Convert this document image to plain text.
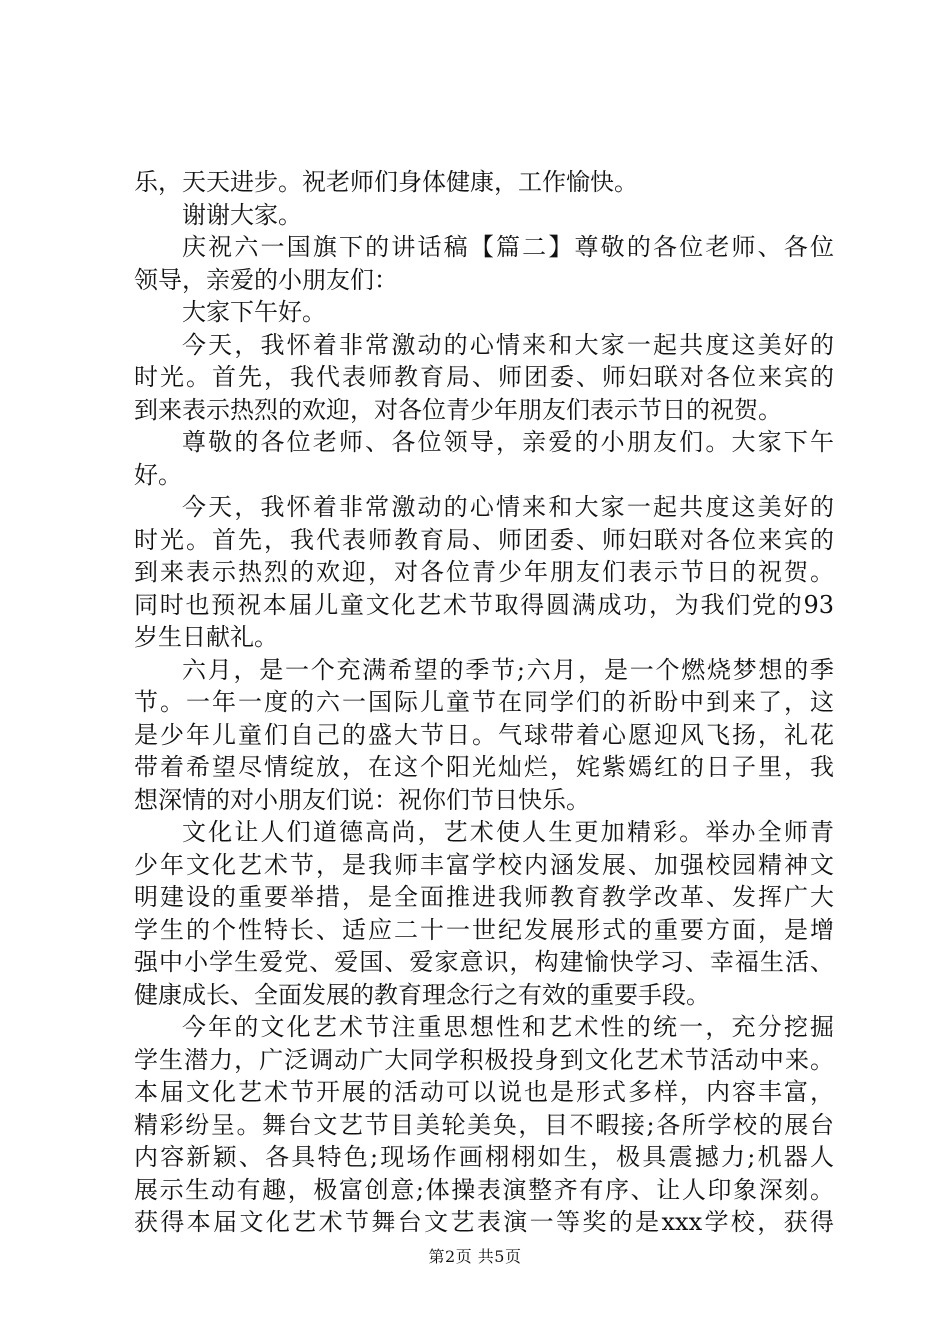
乐，天天进步。祝老师们身体健康，工作愉快。
谢谢大家。
庆祝六一国旗下的讲话稿【篇二】尊敬的各位老师、各位
领导，亲爱的小朋友们：
大家下午好。
今天，我怀着非常激动的心情来和大家一起共度这美好的
时光。首先，我代表师教育局、师团委、师妇联对各位来宾的
到来表示热烈的欢迎，对各位青少年朋友们表示节日的祝贺。
尊敬的各位老师、各位领导，亲爱的小朋友们。大家下午
好。
今天，我怀着非常激动的心情来和大家一起共度这美好的
时光。首先，我代表师教育局、师团委、师妇联对各位来宾的
到来表示热烈的欢迎，对各位青少年朋友们表示节日的祝贺。
同时也预祝本届儿童文化艺术节取得圆满成功，为我们党的93
岁生日献礼。
六月，是一个充满希望的季节;六月，是一个燃烧梦想的季
节。一年一度的六一国际儿童节在同学们的祈盼中到来了，这
是少年儿童们自己的盛大节日。气球带着心愿迎风飞扬，礼花
带着希望尽情绽放，在这个阳光灿烂，姹紫嫣红的日子里，我
想深情的对小朋友们说：祝你们节日快乐。
文化让人们道德高尚，艺术使人生更加精彩。举办全师青
少年文化艺术节，是我师丰富学校内涵发展、加强校园精神文
明建设的重要举措，是全面推进我师教育教学改革、发挥广大
学生的个性特长、适应二十一世纪发展形式的重要方面，是增
强中小学生爱党、爱国、爱家意识，构建愉快学习、幸福生活、
健康成长、全面发展的教育理念行之有效的重要手段。
今年的文化艺术节注重思想性和艺术性的统一，充分挖掘
学生潜力，广泛调动广大同学积极投身到文化艺术节活动中来。
本届文化艺术节开展的活动可以说也是形式多样，内容丰富，
精彩纷呈。舞台文艺节目美轮美奂，目不暇接;各所学校的展台
内容新颖、各具特色;现场作画栩栩如生，极具震撼力;机器人
展示生动有趣，极富创意;体操表演整齐有序、让人印象深刻。
获得本届文化艺术节舞台文艺表演一等奖的是xxx学校，获得
第2页 共5页
